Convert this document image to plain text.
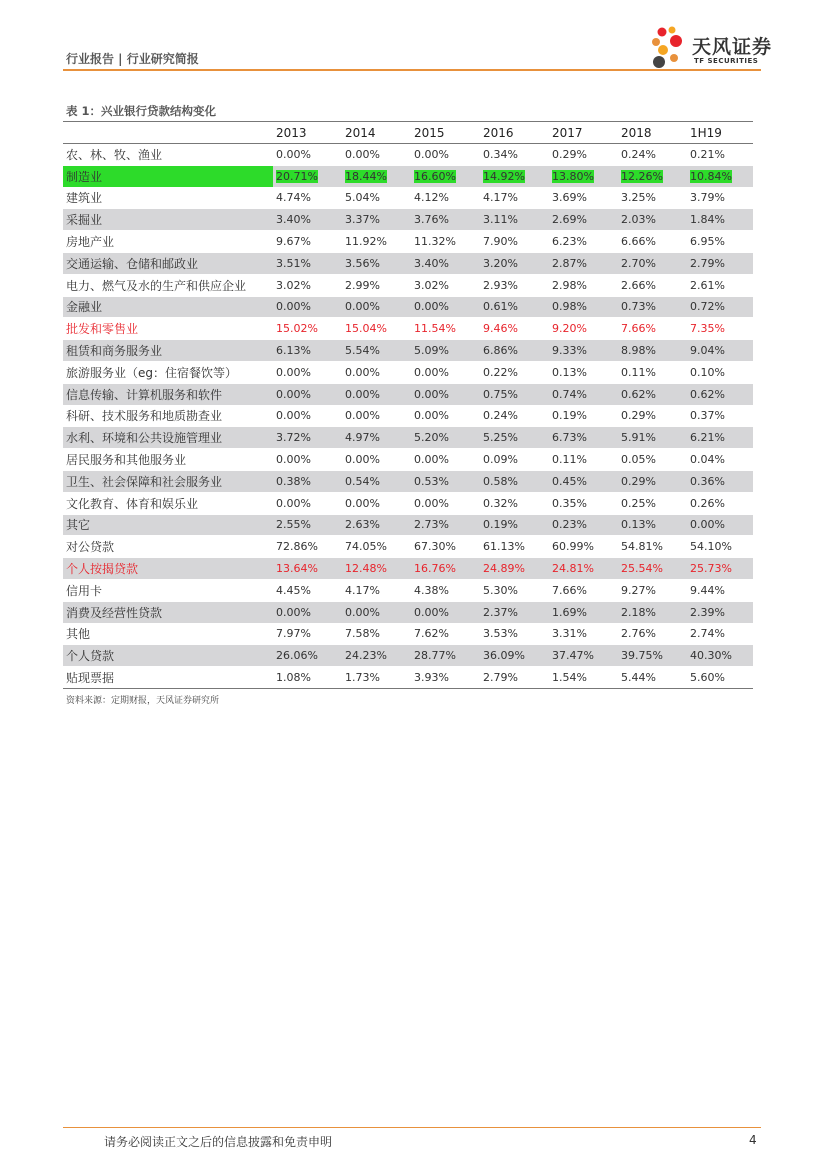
行业报告 | 行业研究简报
天风证券
TF SECURITIES
表 1：兴业银行贷款结构变化
	2013	2014	2015	2016	2017	2018	1H19
农、林、牧、渔业	0.00%	0.00%	0.00%	0.34%	0.29%	0.24%	0.21%
制造业	20.71%	18.44%	16.60%	14.92%	13.80%	12.26%	10.84%
建筑业	4.74%	5.04%	4.12%	4.17%	3.69%	3.25%	3.79%
采掘业	3.40%	3.37%	3.76%	3.11%	2.69%	2.03%	1.84%
房地产业	9.67%	11.92%	11.32%	7.90%	6.23%	6.66%	6.95%
交通运输、仓储和邮政业	3.51%	3.56%	3.40%	3.20%	2.87%	2.70%	2.79%
电力、燃气及水的生产和供应企业	3.02%	2.99%	3.02%	2.93%	2.98%	2.66%	2.61%
金融业	0.00%	0.00%	0.00%	0.61%	0.98%	0.73%	0.72%
批发和零售业	15.02%	15.04%	11.54%	9.46%	9.20%	7.66%	7.35%
租赁和商务服务业	6.13%	5.54%	5.09%	6.86%	9.33%	8.98%	9.04%
旅游服务业（eg：住宿餐饮等）	0.00%	0.00%	0.00%	0.22%	0.13%	0.11%	0.10%
信息传输、计算机服务和软件	0.00%	0.00%	0.00%	0.75%	0.74%	0.62%	0.62%
科研、技术服务和地质勘查业	0.00%	0.00%	0.00%	0.24%	0.19%	0.29%	0.37%
水利、环境和公共设施管理业	3.72%	4.97%	5.20%	5.25%	6.73%	5.91%	6.21%
居民服务和其他服务业	0.00%	0.00%	0.00%	0.09%	0.11%	0.05%	0.04%
卫生、社会保障和社会服务业	0.38%	0.54%	0.53%	0.58%	0.45%	0.29%	0.36%
文化教育、体育和娱乐业	0.00%	0.00%	0.00%	0.32%	0.35%	0.25%	0.26%
其它	2.55%	2.63%	2.73%	0.19%	0.23%	0.13%	0.00%
对公贷款	72.86%	74.05%	67.30%	61.13%	60.99%	54.81%	54.10%
个人按揭贷款	13.64%	12.48%	16.76%	24.89%	24.81%	25.54%	25.73%
信用卡	4.45%	4.17%	4.38%	5.30%	7.66%	9.27%	9.44%
消费及经营性贷款	0.00%	0.00%	0.00%	2.37%	1.69%	2.18%	2.39%
其他	7.97%	7.58%	7.62%	3.53%	3.31%	2.76%	2.74%
个人贷款	26.06%	24.23%	28.77%	36.09%	37.47%	39.75%	40.30%
贴现票据	1.08%	1.73%	3.93%	2.79%	1.54%	5.44%	5.60%
资料来源：定期财报，天风证券研究所
请务必阅读正文之后的信息披露和免责申明	4
